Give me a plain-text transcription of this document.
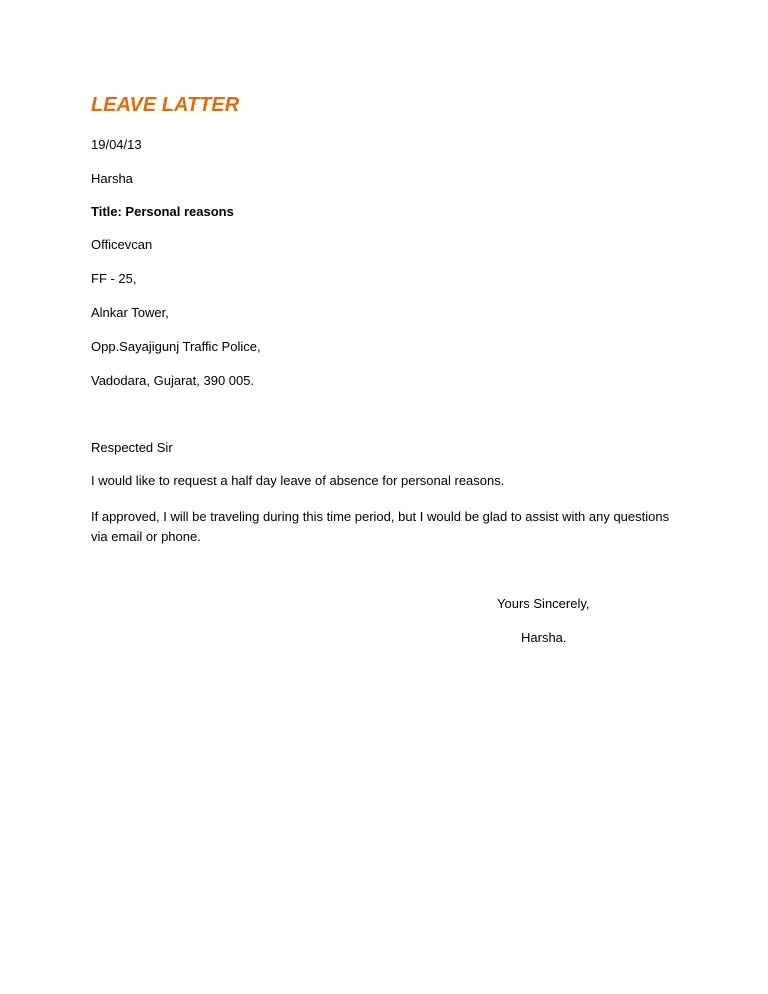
LEAVE LATTER
19/04/13
Harsha
Title: Personal reasons
Officevcan
FF - 25,
Alnkar Tower,
Opp.Sayajigunj Traffic Police,
Vadodara, Gujarat, 390 005.
Respected Sir
I would like to request a half day leave of absence for personal reasons.
If approved, I will be traveling during this time period, but I would be glad to assist with any questions via email or phone.
Yours Sincerely,
Harsha.
